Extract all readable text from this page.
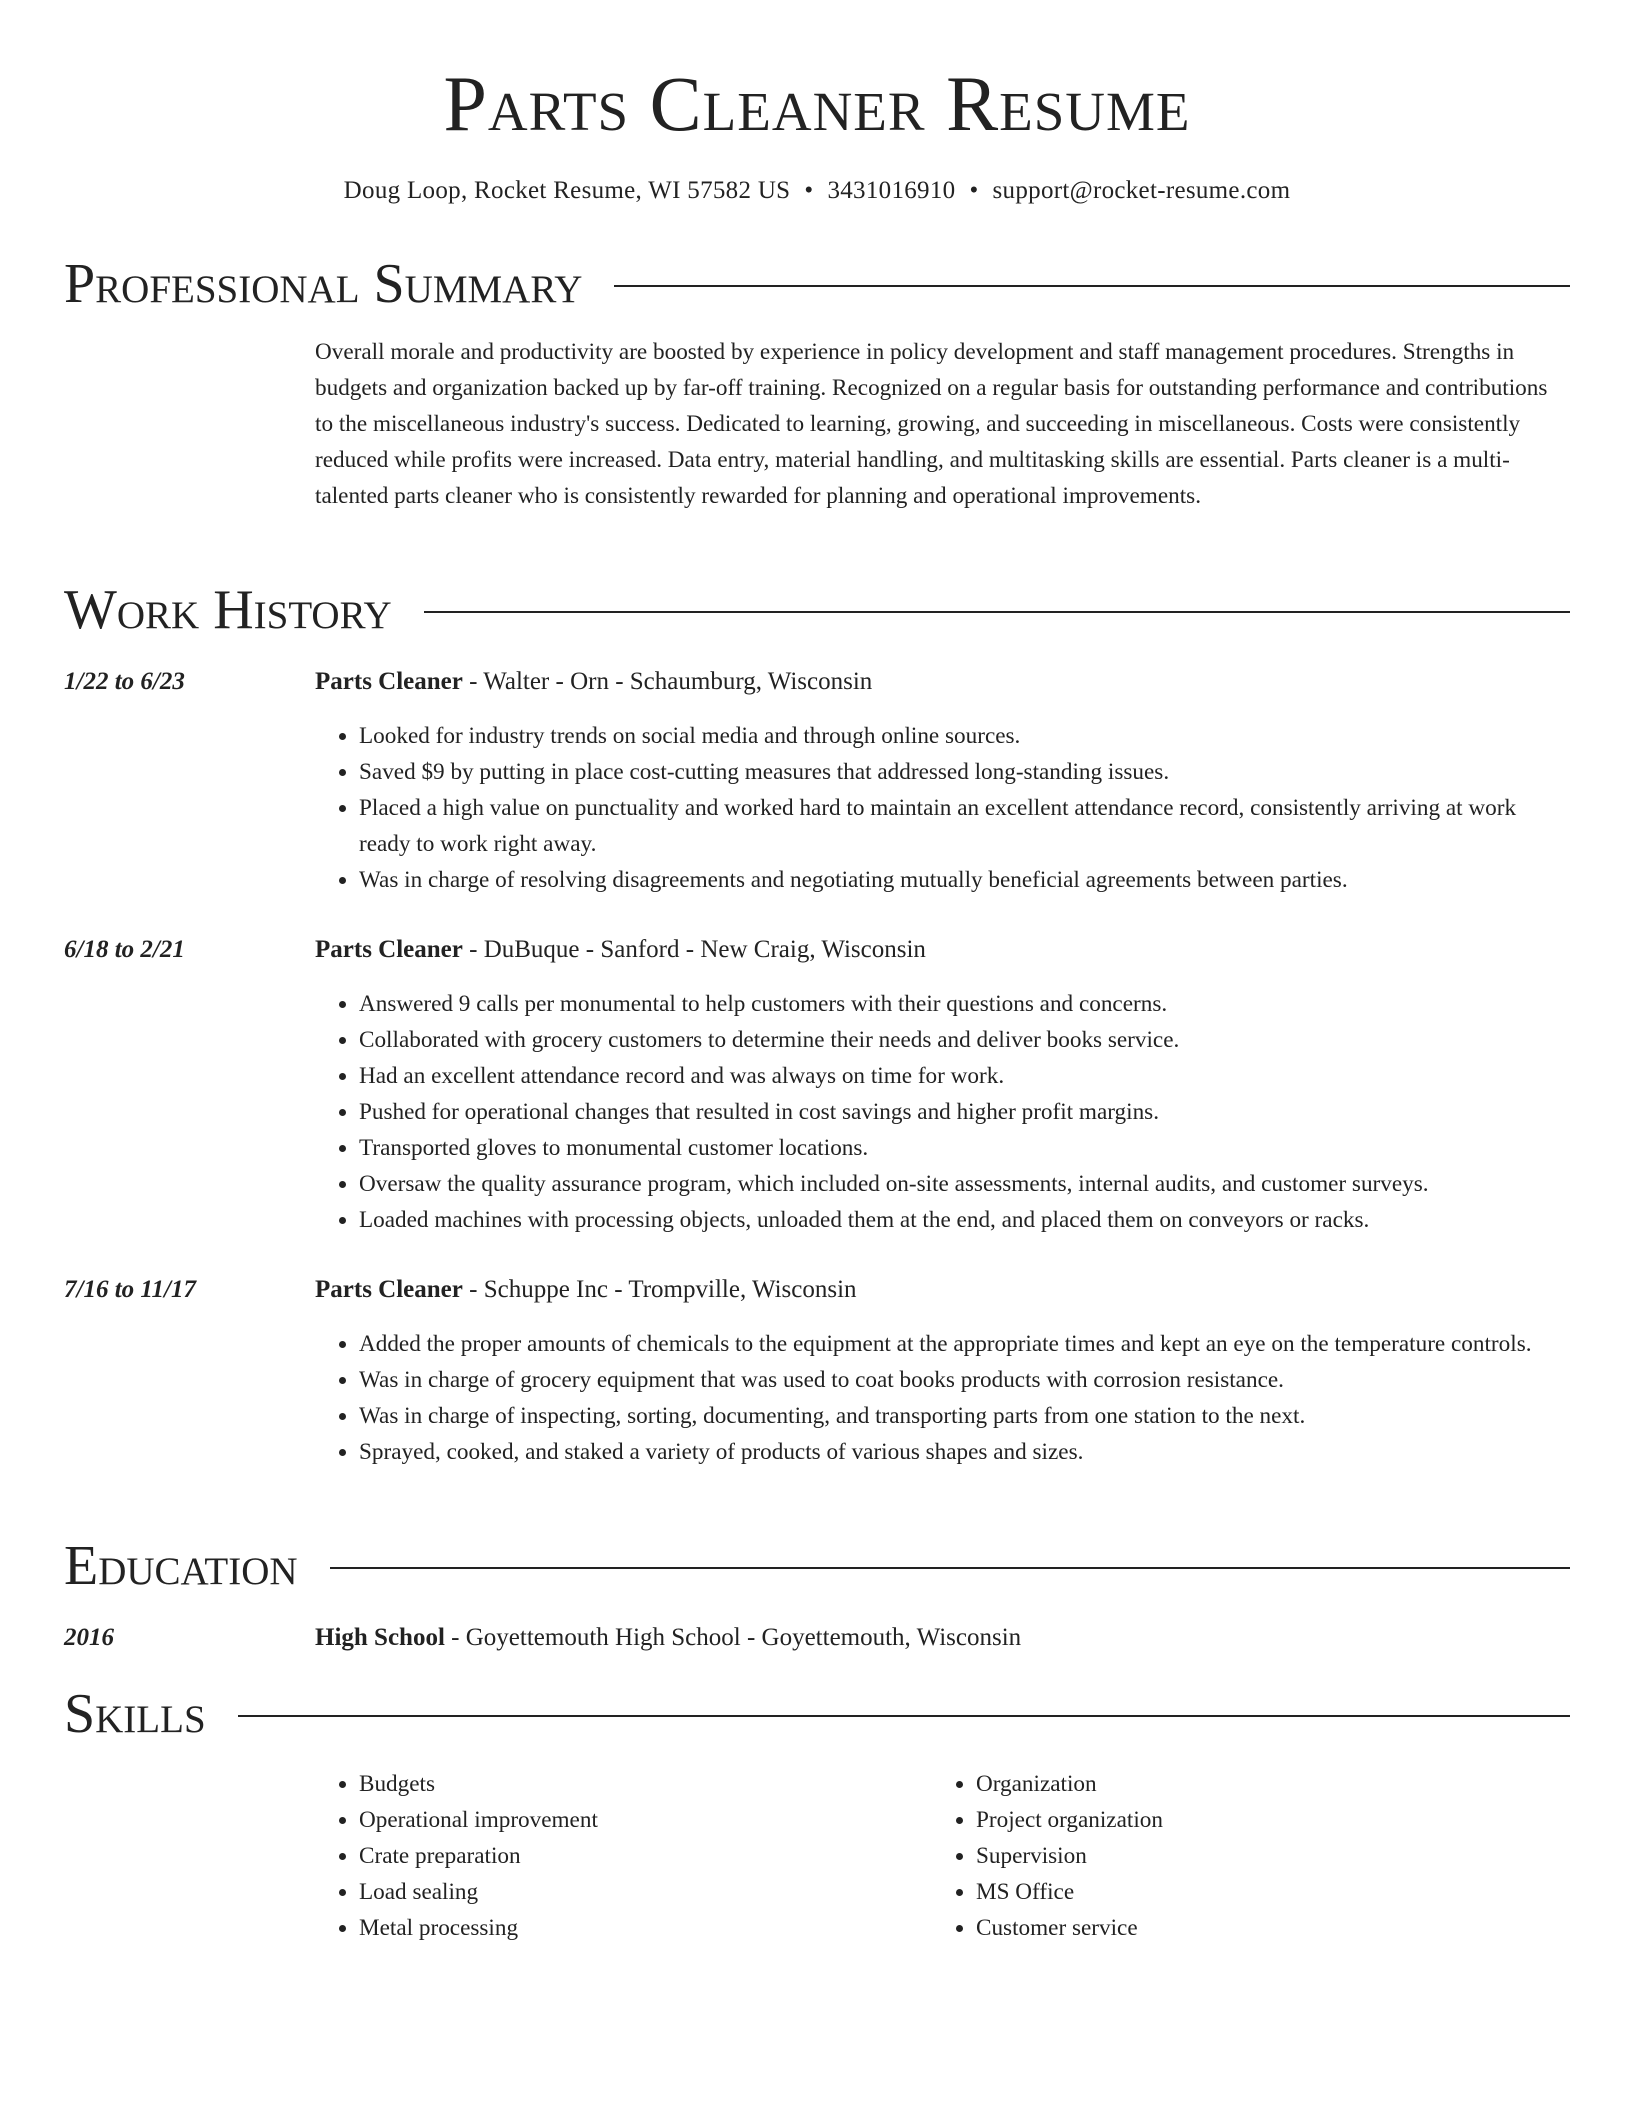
Parts Cleaner Resume
Doug Loop, Rocket Resume, WI 57582 US • 3431016910 • support@rocket-resume.com
Professional Summary
Overall morale and productivity are boosted by experience in policy development and staff management procedures. Strengths in budgets and organization backed up by far-off training. Recognized on a regular basis for outstanding performance and contributions to the miscellaneous industry's success. Dedicated to learning, growing, and succeeding in miscellaneous. Costs were consistently reduced while profits were increased. Data entry, material handling, and multitasking skills are essential. Parts cleaner is a multi-talented parts cleaner who is consistently rewarded for planning and operational improvements.
Work History
1/22 to 6/23	Parts Cleaner - Walter - Orn - Schaumburg, Wisconsin
• Looked for industry trends on social media and through online sources.
• Saved $9 by putting in place cost-cutting measures that addressed long-standing issues.
• Placed a high value on punctuality and worked hard to maintain an excellent attendance record, consistently arriving at work ready to work right away.
• Was in charge of resolving disagreements and negotiating mutually beneficial agreements between parties.
6/18 to 2/21	Parts Cleaner - DuBuque - Sanford - New Craig, Wisconsin
• Answered 9 calls per monumental to help customers with their questions and concerns.
• Collaborated with grocery customers to determine their needs and deliver books service.
• Had an excellent attendance record and was always on time for work.
• Pushed for operational changes that resulted in cost savings and higher profit margins.
• Transported gloves to monumental customer locations.
• Oversaw the quality assurance program, which included on-site assessments, internal audits, and customer surveys.
• Loaded machines with processing objects, unloaded them at the end, and placed them on conveyors or racks.
7/16 to 11/17	Parts Cleaner - Schuppe Inc - Trompville, Wisconsin
• Added the proper amounts of chemicals to the equipment at the appropriate times and kept an eye on the temperature controls.
• Was in charge of grocery equipment that was used to coat books products with corrosion resistance.
• Was in charge of inspecting, sorting, documenting, and transporting parts from one station to the next.
• Sprayed, cooked, and staked a variety of products of various shapes and sizes.
Education
2016	High School - Goyettemouth High School - Goyettemouth, Wisconsin
Skills
• Budgets
• Operational improvement
• Crate preparation
• Load sealing
• Metal processing
• Organization
• Project organization
• Supervision
• MS Office
• Customer service
